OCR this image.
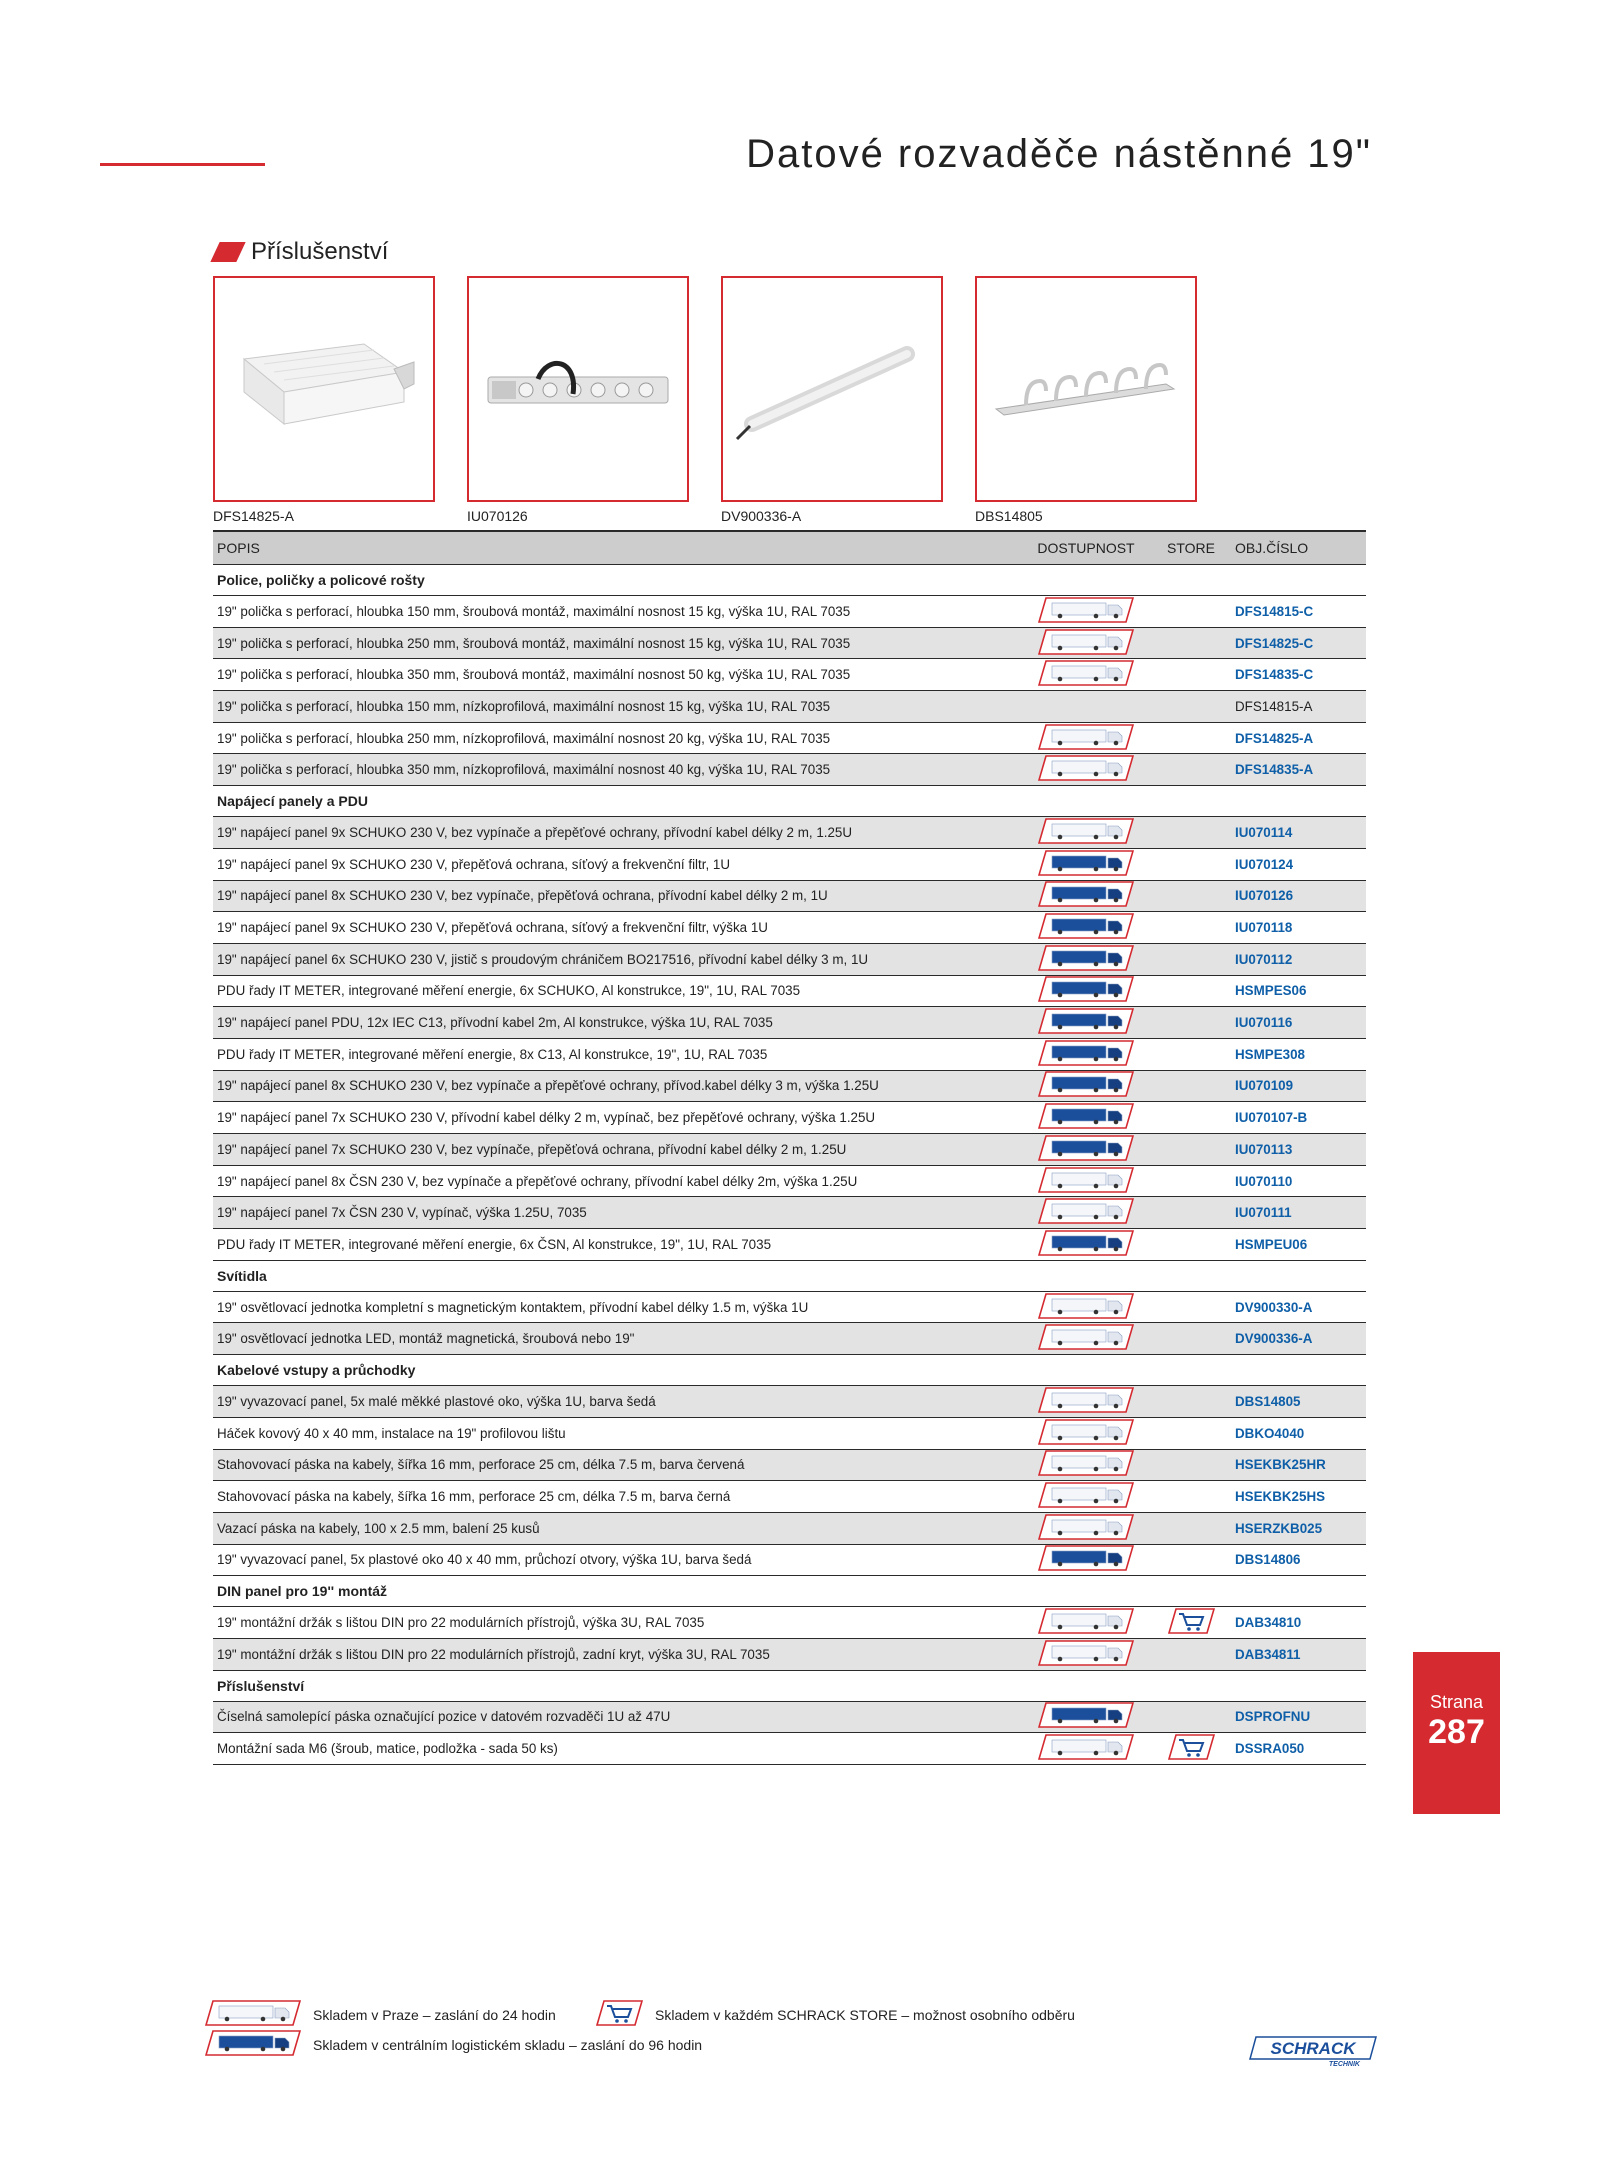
Datové rozvaděče nástěnné 19"
Příslušenství
DFS14825-A	IU070126	DV900336-A	DBS14805
POPIS	DOSTUPNOST	STORE	OBJ.ČÍSLO
Police, poličky a policové rošty			
19" polička s perforací, hloubka 150 mm, šroubová montáž, maximální nosnost 15 kg, výška 1U, RAL 7035			DFS14815-C
19" polička s perforací, hloubka 250 mm, šroubová montáž, maximální nosnost 15 kg, výška 1U, RAL 7035			DFS14825-C
19" polička s perforací, hloubka 350 mm, šroubová montáž, maximální nosnost 50 kg, výška 1U, RAL 7035			DFS14835-C
19" polička s perforací, hloubka 150 mm, nízkoprofilová, maximální nosnost 15 kg, výška 1U, RAL 7035			DFS14815-A
19" polička s perforací, hloubka 250 mm, nízkoprofilová, maximální nosnost 20 kg, výška 1U, RAL 7035			DFS14825-A
19" polička s perforací, hloubka 350 mm, nízkoprofilová, maximální nosnost 40 kg, výška 1U, RAL 7035			DFS14835-A
Napájecí panely a PDU			
19" napájecí panel 9x SCHUKO 230 V, bez vypínače a přepěťové ochrany, přívodní kabel délky 2 m, 1.25U			IU070114
19" napájecí panel 9x SCHUKO 230 V, přepěťová ochrana, síťový a frekvenční filtr, 1U			IU070124
19" napájecí panel 8x SCHUKO 230 V, bez vypínače, přepěťová ochrana, přívodní kabel délky 2 m, 1U			IU070126
19" napájecí panel 9x SCHUKO 230 V, přepěťová ochrana, síťový a frekvenční filtr, výška 1U			IU070118
19" napájecí panel 6x SCHUKO 230 V, jistič s proudovým chráničem BO217516, přívodní kabel délky 3 m, 1U			IU070112
PDU řady IT METER, integrované měření energie, 6x SCHUKO, Al konstrukce, 19", 1U, RAL 7035			HSMPES06
19" napájecí panel PDU, 12x IEC C13, přívodní kabel 2m, Al konstrukce, výška 1U, RAL 7035			IU070116
PDU řady IT METER, integrované měření energie, 8x C13, Al konstrukce, 19", 1U, RAL 7035			HSMPE308
19" napájecí panel 8x SCHUKO 230 V, bez vypínače a přepěťové ochrany, přívod.kabel délky 3 m, výška 1.25U			IU070109
19" napájecí panel 7x SCHUKO 230 V, přívodní kabel délky 2 m, vypínač, bez přepěťové ochrany, výška 1.25U			IU070107-B
19" napájecí panel 7x SCHUKO 230 V, bez vypínače, přepěťová ochrana, přívodní kabel délky 2 m, 1.25U			IU070113
19" napájecí panel 8x ČSN 230 V, bez vypínače a přepěťové ochrany, přívodní kabel délky 2m, výška 1.25U			IU070110
19" napájecí panel 7x ČSN 230 V, vypínač, výška 1.25U, 7035			IU070111
PDU řady IT METER, integrované měření energie, 6x ČSN, Al konstrukce, 19", 1U, RAL 7035			HSMPEU06
Svítidla			
19" osvětlovací jednotka kompletní s magnetickým kontaktem, přívodní kabel délky 1.5 m, výška 1U			DV900330-A
19" osvětlovací jednotka LED, montáž magnetická, šroubová nebo 19"			DV900336-A
Kabelové vstupy a průchodky			
19" vyvazovací panel, 5x malé měkké plastové oko, výška 1U, barva šedá			DBS14805
Háček kovový 40 x 40 mm, instalace na 19" profilovou lištu			DBKO4040
Stahovovací páska na kabely, šířka 16 mm, perforace 25 cm, délka 7.5 m, barva červená			HSEKBK25HR
Stahovovací páska na kabely, šířka 16 mm, perforace 25 cm, délka 7.5 m, barva černá			HSEKBK25HS
Vazací páska na kabely, 100 x 2.5 mm, balení 25 kusů			HSERZKB025
19" vyvazovací panel, 5x plastové oko 40 x 40 mm, průchozí otvory, výška 1U, barva šedá			DBS14806
DIN panel pro 19'' montáž			
19" montážní držák s lištou DIN pro 22 modulárních přístrojů, výška 3U, RAL 7035			DAB34810
19" montážní držák s lištou DIN pro 22 modulárních přístrojů, zadní kryt, výška 3U, RAL 7035			DAB34811
Příslušenství			
Číselná samolepící páska označující pozice v datovém rozvaděči 1U až 47U			DSPROFNU
Montážní sada M6 (šroub, matice, podložka - sada 50 ks)			DSSRA050
Strana
287
Skladem v Praze – zaslání do 24 hodin	Skladem v každém SCHRACK STORE – možnost osobního odběru
Skladem v centrálním logistickém skladu – zaslání do 96 hodin	SCHRACK
TECHNIK
